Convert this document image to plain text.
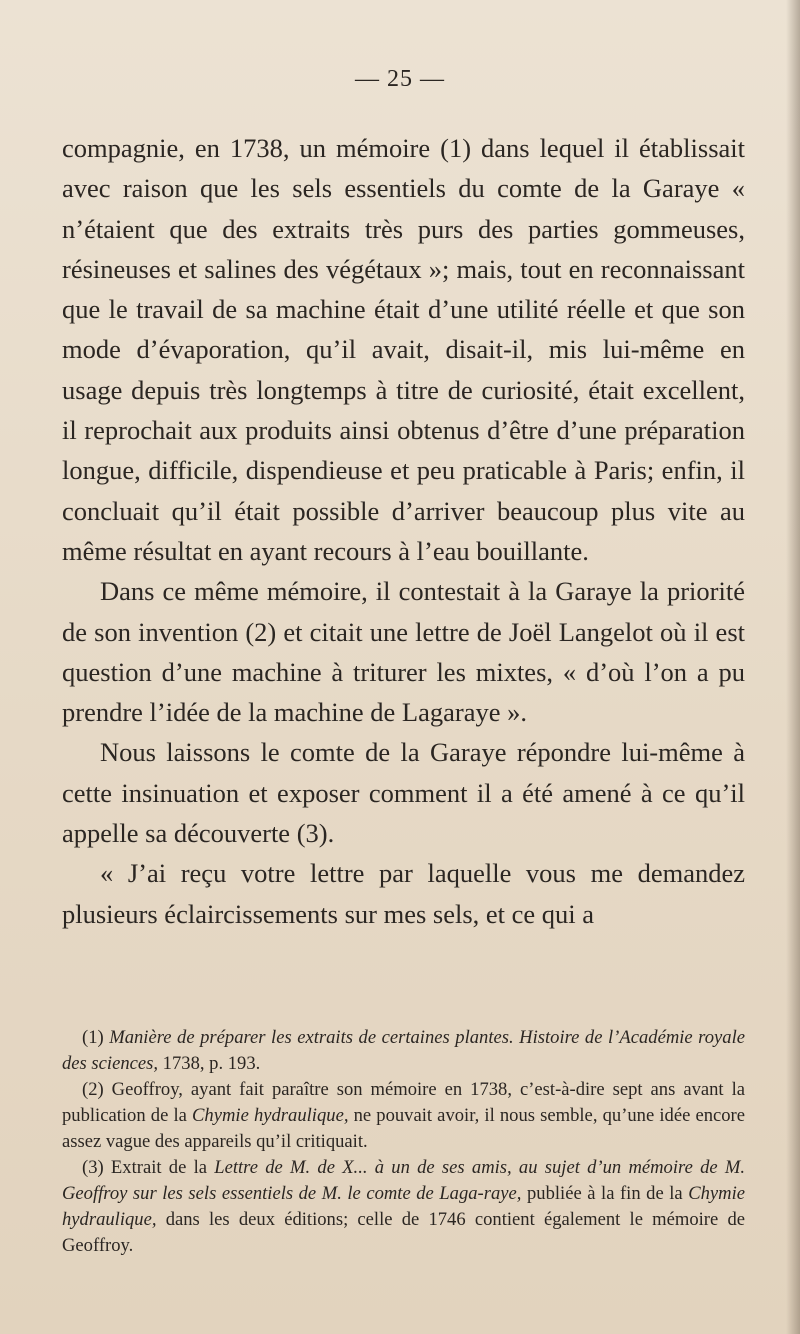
— 25 —

compagnie, en 1738, un mémoire (1) dans lequel il établissait avec raison que les sels essentiels du comte de la Garaye « n’étaient que des extraits très purs des parties gommeuses, résineuses et salines des végétaux »; mais, tout en reconnaissant que le travail de sa machine était d’une utilité réelle et que son mode d’évaporation, qu’il avait, disait-il, mis lui-même en usage depuis très longtemps à titre de curiosité, était excellent, il reprochait aux produits ainsi obtenus d’être d’une préparation longue, difficile, dispendieuse et peu praticable à Paris; enfin, il concluait qu’il était possible d’arriver beaucoup plus vite au même résultat en ayant recours à l’eau bouillante.

Dans ce même mémoire, il contestait à la Garaye la priorité de son invention (2) et citait une lettre de Joël Langelot où il est question d’une machine à triturer les mixtes, « d’où l’on a pu prendre l’idée de la machine de Lagaraye ».

Nous laissons le comte de la Garaye répondre lui-même à cette insinuation et exposer comment il a été amené à ce qu’il appelle sa découverte (3).

« J’ai reçu votre lettre par laquelle vous me demandez plusieurs éclaircissements sur mes sels, et ce qui a

(1) Manière de préparer les extraits de certaines plantes. Histoire de l’Académie royale des sciences, 1738, p. 193.

(2) Geoffroy, ayant fait paraître son mémoire en 1738, c’est-à-dire sept ans avant la publication de la Chymie hydraulique, ne pouvait avoir, il nous semble, qu’une idée encore assez vague des appareils qu’il critiquait.

(3) Extrait de la Lettre de M. de X... à un de ses amis, au sujet d’un mémoire de M. Geoffroy sur les sels essentiels de M. le comte de Laga-raye, publiée à la fin de la Chymie hydraulique, dans les deux éditions; celle de 1746 contient également le mémoire de Geoffroy.
